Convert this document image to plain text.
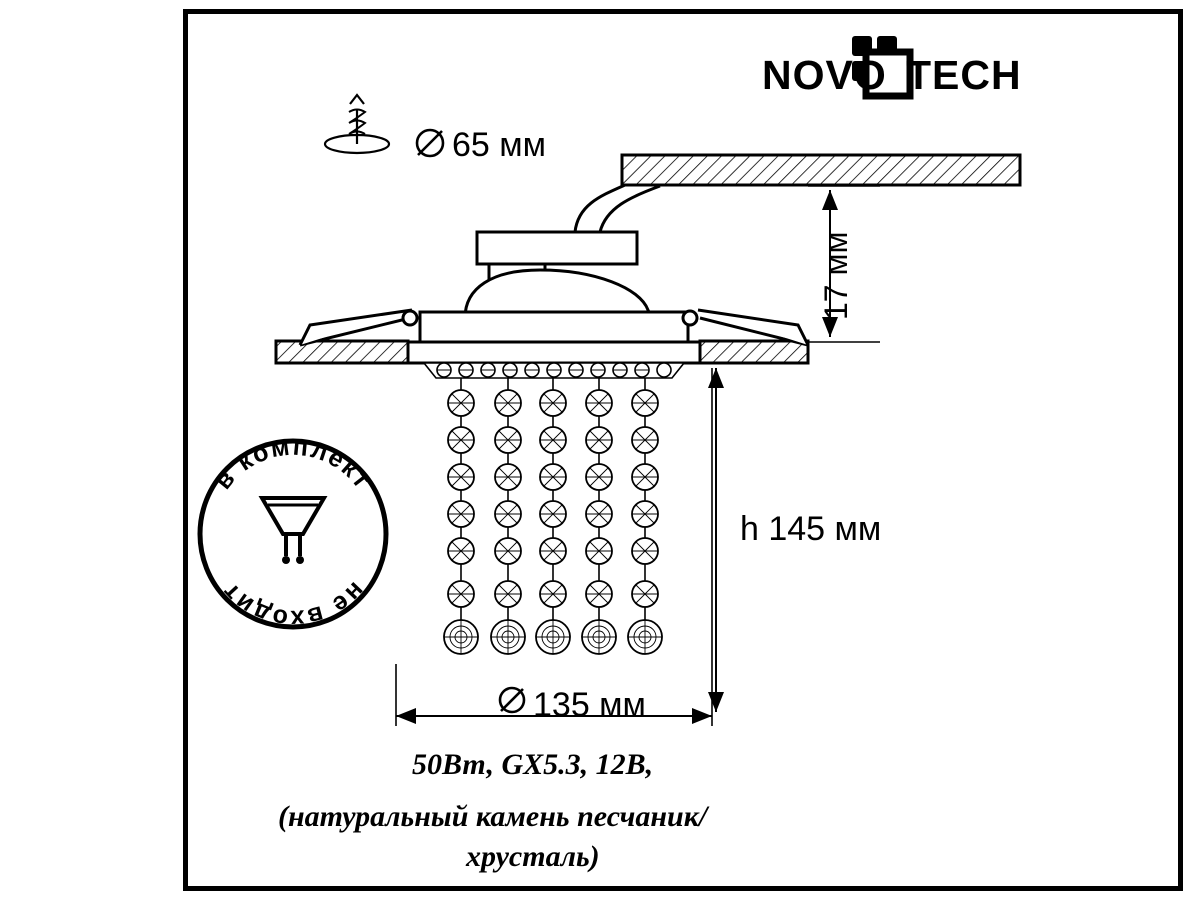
в комплект
не входит
NOVO TECH
65 мм
17 мм
h 145 мм
135 мм
50Вт, GX5.3, 12В,
(натуральный камень песчаник/
хрусталь)
